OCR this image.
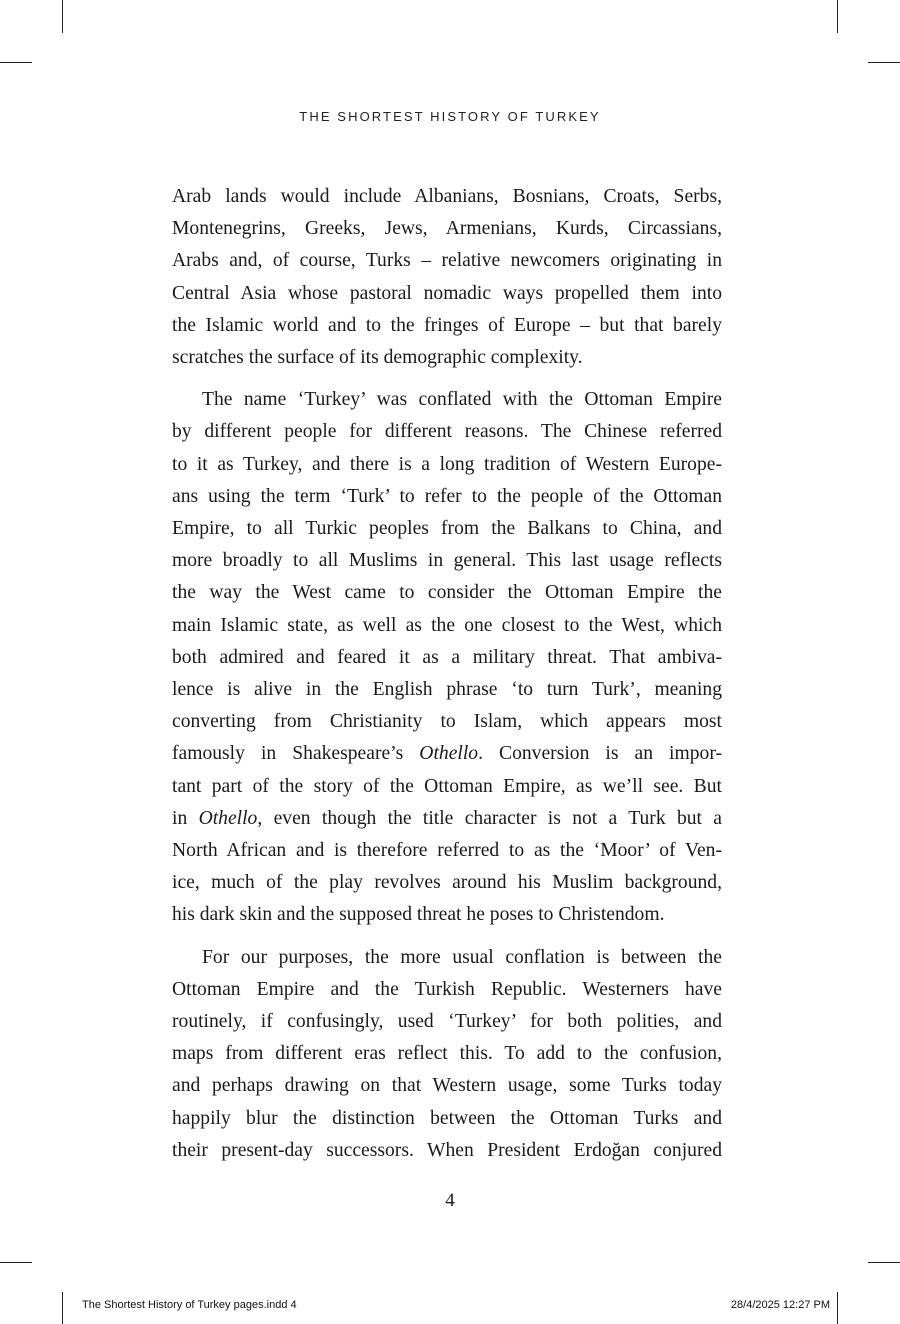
THE SHORTEST HISTORY OF TURKEY

Arab lands would include Albanians, Bosnians, Croats, Serbs,
Montenegrins, Greeks, Jews, Armenians, Kurds, Circassians,
Arabs and, of course, Turks – relative newcomers originating in
Central Asia whose pastoral nomadic ways propelled them into
the Islamic world and to the fringes of Europe – but that barely
scratches the surface of its demographic complexity.

The name ‘Turkey’ was conflated with the Ottoman Empire
by different people for different reasons. The Chinese referred
to it as Turkey, and there is a long tradition of Western Europe-
ans using the term ‘Turk’ to refer to the people of the Ottoman
Empire, to all Turkic peoples from the Balkans to China, and
more broadly to all Muslims in general. This last usage reflects
the way the West came to consider the Ottoman Empire the
main Islamic state, as well as the one closest to the West, which
both admired and feared it as a military threat. That ambiva-
lence is alive in the English phrase ‘to turn Turk’, meaning
converting from Christianity to Islam, which appears most
famously in Shakespeare’s Othello. Conversion is an impor-
tant part of the story of the Ottoman Empire, as we’ll see. But
in Othello, even though the title character is not a Turk but a
North African and is therefore referred to as the ‘Moor’ of Ven-
ice, much of the play revolves around his Muslim background,
his dark skin and the supposed threat he poses to Christendom.

For our purposes, the more usual conflation is between the
Ottoman Empire and the Turkish Republic. Westerners have
routinely, if confusingly, used ‘Turkey’ for both polities, and
maps from different eras reflect this. To add to the confusion,
and perhaps drawing on that Western usage, some Turks today
happily blur the distinction between the Ottoman Turks and
their present-day successors. When President Erdoğan conjured

4
The Shortest History of Turkey pages.indd 4	28/4/2025 12:27 PM
